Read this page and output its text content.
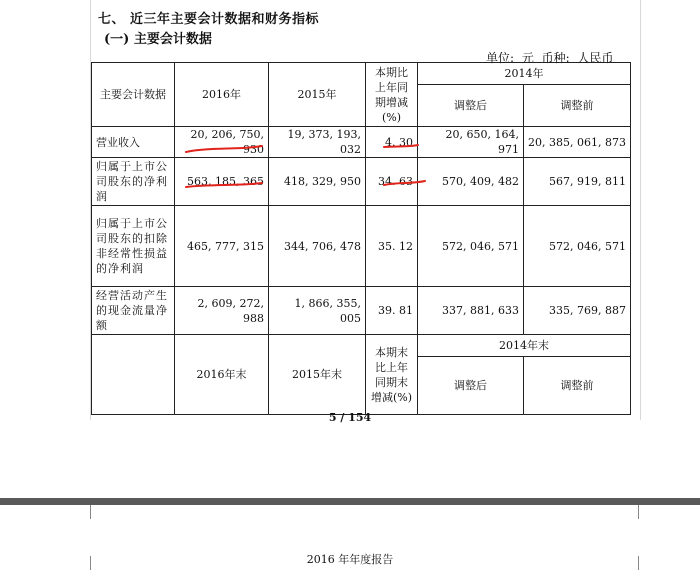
七、 近三年主要会计数据和财务指标
(一) 主要会计数据
单位: 元 币种: 人民币
主要会计数据	2016年	2015年	本期比上年同期增减(%)	2014年	
				调整后	调整前
营业收入	20, 206, 750, 930	19, 373, 193, 032	4. 30	20, 650, 164, 971	20, 385, 061, 873
归属于上市公司股东的净利润	563, 185, 365	418, 329, 950	34. 63	570, 409, 482	567, 919, 811
归属于上市公司股东的扣除非经常性损益的净利润	465, 777, 315	344, 706, 478	35. 12	572, 046, 571	572, 046, 571
经营活动产生的现金流量净额	2, 609, 272, 988	1, 866, 355, 005	39. 81	337, 881, 633	335, 769, 887
	2016年末	2015年末	本期末比上年同期末增减(%)	2014年末	
				调整后	调整前
5 / 154
2016 年年度报告
